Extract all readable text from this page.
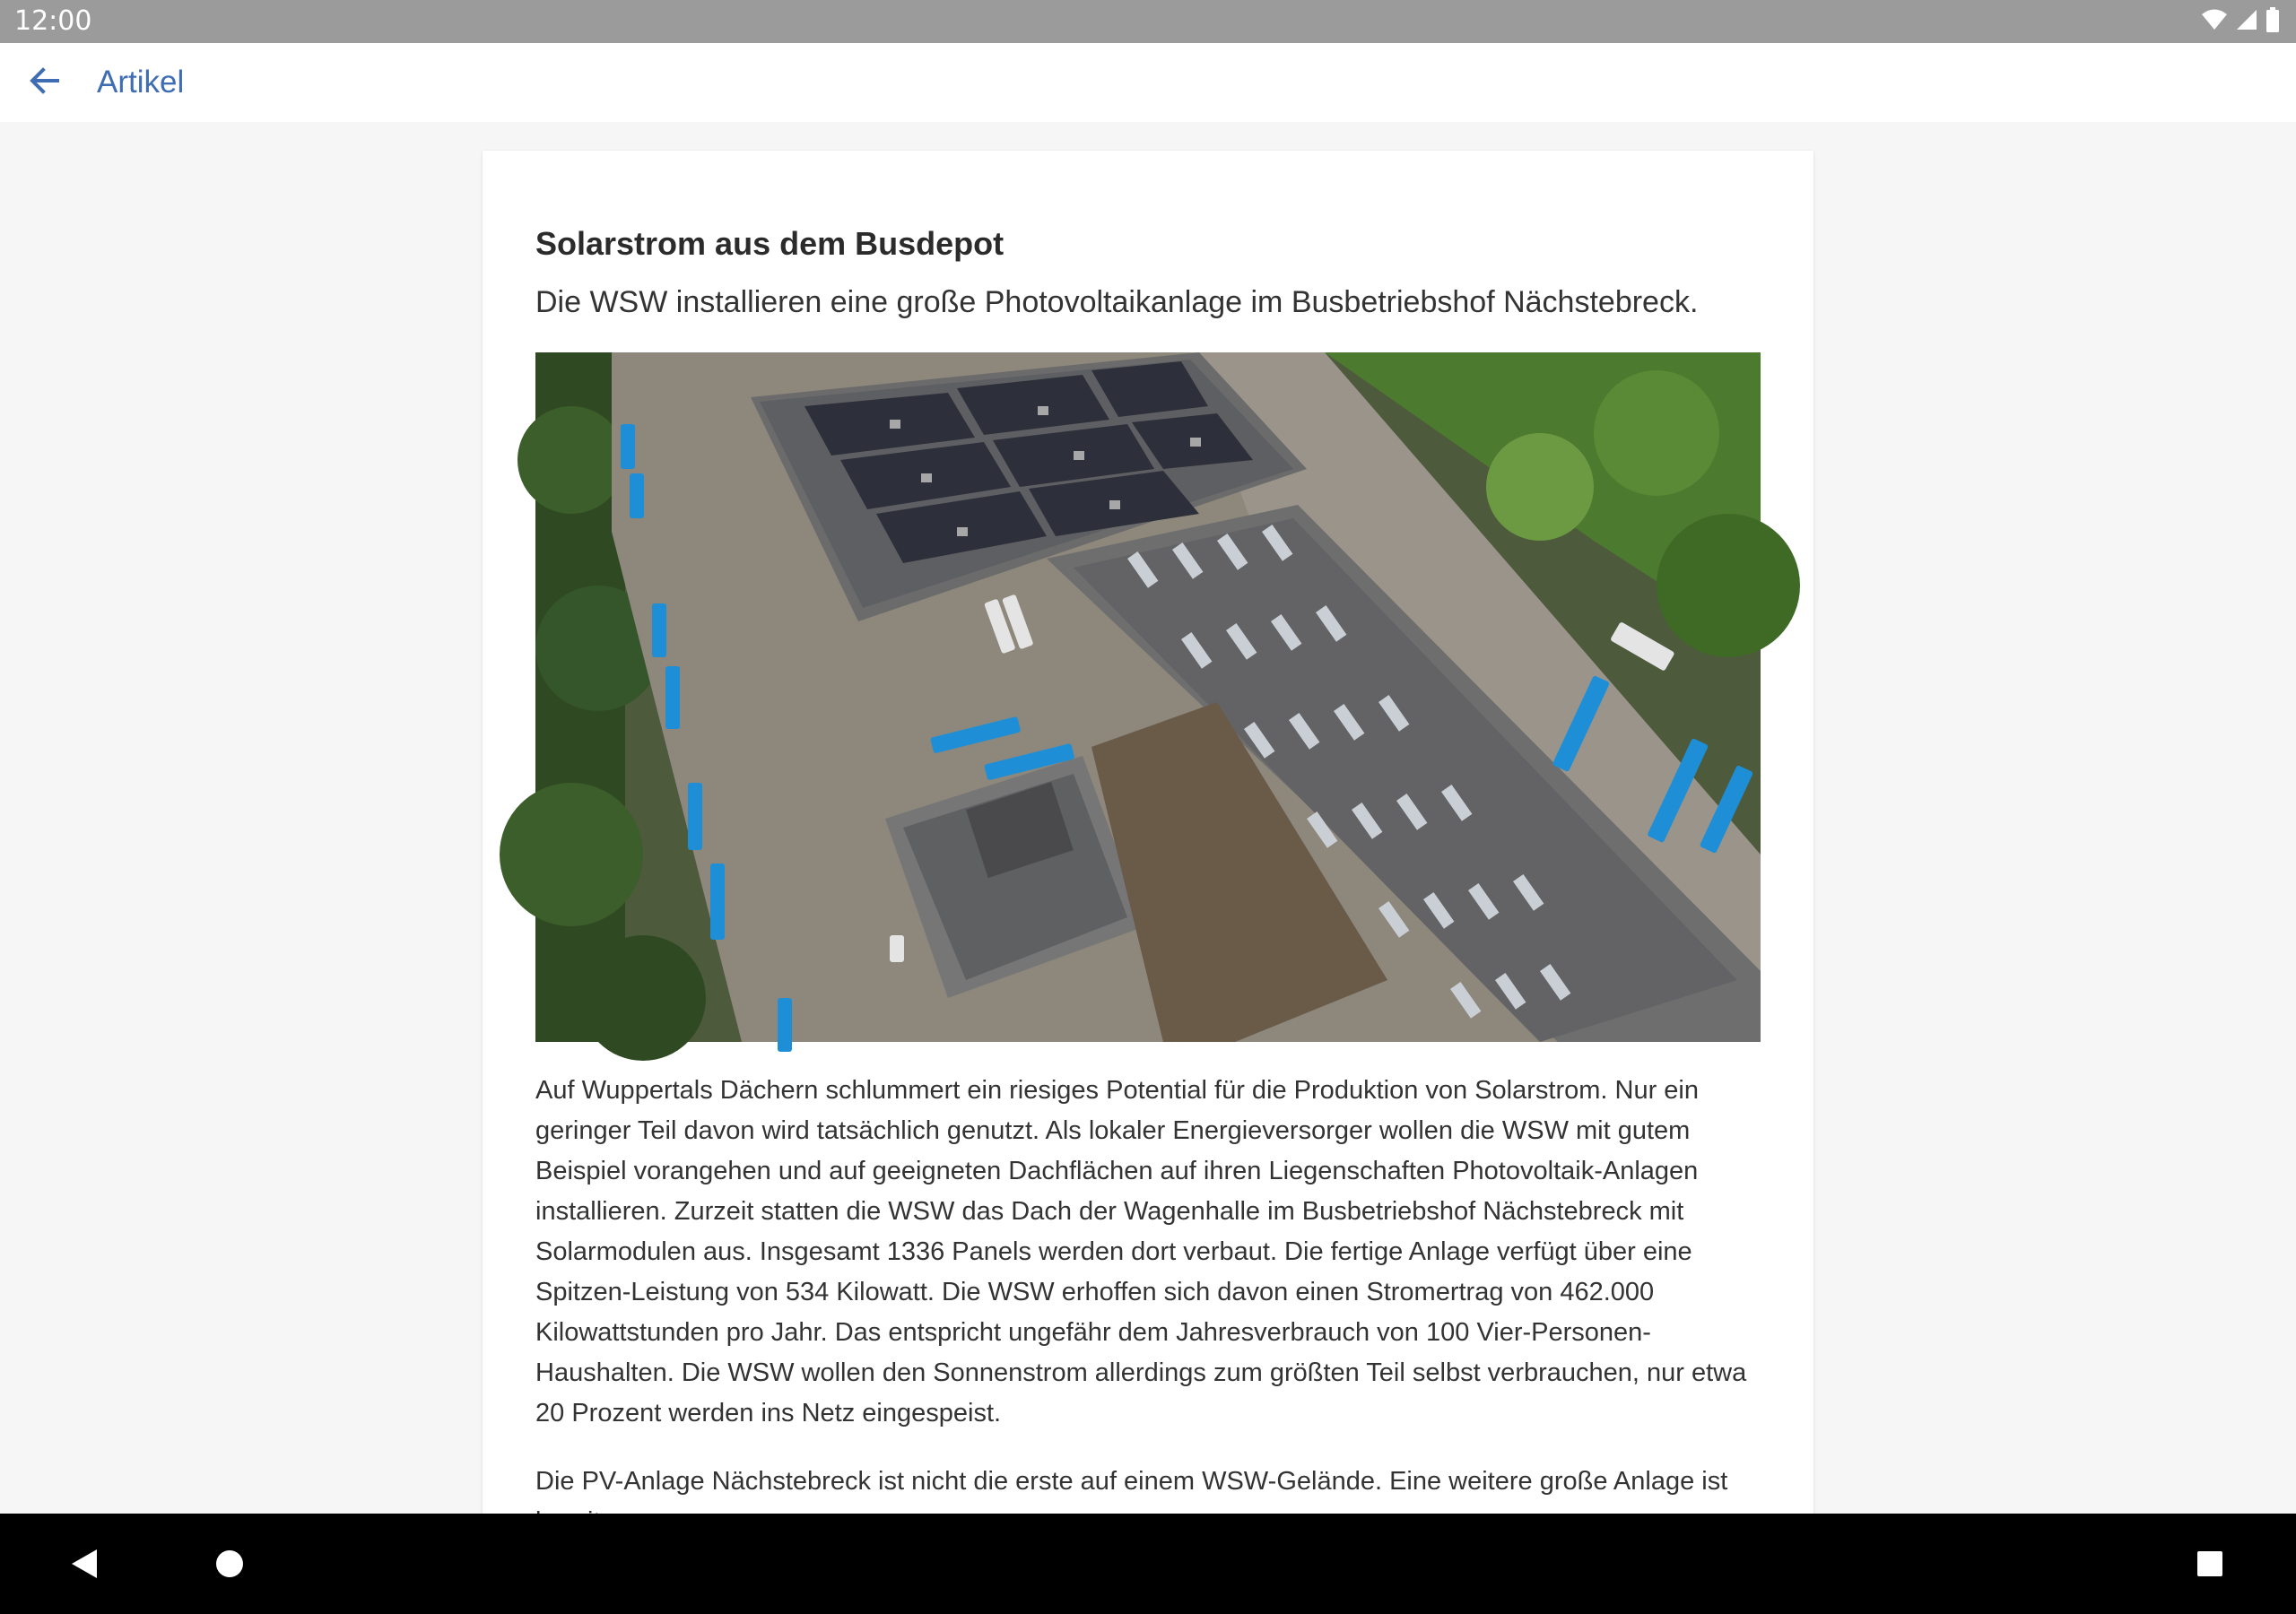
12:00
Artikel
Solarstrom aus dem Busdepot

Die WSW installieren eine große Photovoltaikanlage im Busbetriebshof Nächstebreck.

Auf Wuppertals Dächern schlummert ein riesiges Potential für die Produktion von Solarstrom. Nur ein geringer Teil davon wird tatsächlich genutzt. Als lokaler Energieversorger wollen die WSW mit gutem Beispiel vorangehen und auf geeigneten Dachflächen auf ihren Liegenschaften Photovoltaik-Anlagen installieren. Zurzeit statten die WSW das Dach der Wagenhalle im Busbetriebshof Nächstebreck mit Solarmodulen aus. Insgesamt 1336 Panels werden dort verbaut. Die fertige Anlage verfügt über eine Spitzen-Leistung von 534 Kilowatt. Die WSW erhoffen sich davon einen Stromertrag von 462.000 Kilowattstunden pro Jahr. Das entspricht ungefähr dem Jahresverbrauch von 100 Vier-Personen-Haushalten. Die WSW wollen den Sonnenstrom allerdings zum größten Teil selbst verbrauchen, nur etwa 20 Prozent werden ins Netz eingespeist.

Die PV-Anlage Nächstebreck ist nicht die erste auf einem WSW-Gelände. Eine weitere große Anlage ist
